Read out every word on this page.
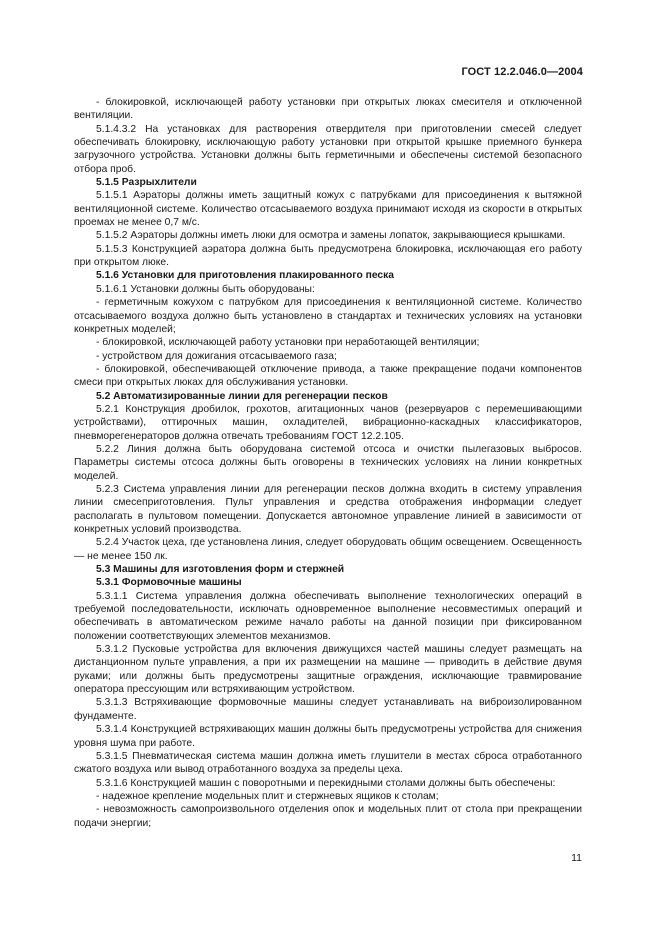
ГОСТ 12.2.046.0—2004

- блокировкой, исключающей работу установки при открытых люках смесителя и отключенной вентиляции.

5.1.4.3.2 На установках для растворения отвердителя при приготовлении смесей следует обеспечивать блокировку, исключающую работу установки при открытой крышке приемного бункера загрузочного устройства. Установки должны быть герметичными и обеспечены системой безопасного отбора проб.

5.1.5 Разрыхлители

5.1.5.1 Аэраторы должны иметь защитный кожух с патрубками для присоединения к вытяжной вентиляционной системе. Количество отсасываемого воздуха принимают исходя из скорости в открытых проемах не менее 0,7 м/с.

5.1.5.2 Аэраторы должны иметь люки для осмотра и замены лопаток, закрывающиеся крышками.

5.1.5.3 Конструкцией аэратора должна быть предусмотрена блокировка, исключающая его работу при открытом люке.

5.1.6 Установки для приготовления плакированного песка

5.1.6.1 Установки должны быть оборудованы:

- герметичным кожухом с патрубком для присоединения к вентиляционной системе. Количество отсасываемого воздуха должно быть установлено в стандартах и технических условиях на установки конкретных моделей;

- блокировкой, исключающей работу установки при неработающей вентиляции;

- устройством для дожигания отсасываемого газа;

- блокировкой, обеспечивающей отключение привода, а также прекращение подачи компонентов смеси при открытых люках для обслуживания установки.

5.2 Автоматизированные линии для регенерации песков

5.2.1 Конструкция дробилок, грохотов, агитационных чанов (резервуаров с перемешивающими устройствами), оттирочных машин, охладителей, вибрационно-каскадных классификаторов, пневморегенераторов должна отвечать требованиям ГОСТ 12.2.105.

5.2.2 Линия должна быть оборудована системой отсоса и очистки пылегазовых выбросов. Параметры системы отсоса должны быть оговорены в технических условиях на линии конкретных моделей.

5.2.3 Система управления линии для регенерации песков должна входить в систему управления линии смесеприготовления. Пульт управления и средства отображения информации следует располагать в пультовом помещении. Допускается автономное управление линией в зависимости от конкретных условий производства.

5.2.4 Участок цеха, где установлена линия, следует оборудовать общим освещением. Освещенность — не менее 150 лк.

5.3 Машины для изготовления форм и стержней

5.3.1 Формовочные машины

5.3.1.1 Система управления должна обеспечивать выполнение технологических операций в требуемой последовательности, исключать одновременное выполнение несовместимых операций и обеспечивать в автоматическом режиме начало работы на данной позиции при фиксированном положении соответствующих элементов механизмов.

5.3.1.2 Пусковые устройства для включения движущихся частей машины следует размещать на дистанционном пульте управления, а при их размещении на машине — приводить в действие двумя руками; или должны быть предусмотрены защитные ограждения, исключающие травмирование оператора прессующим или встряхивающим устройством.

5.3.1.3 Встряхивающие формовочные машины следует устанавливать на виброизолированном фундаменте.

5.3.1.4 Конструкцией встряхивающих машин должны быть предусмотрены устройства для снижения уровня шума при работе.

5.3.1.5 Пневматическая система машин должна иметь глушители в местах сброса отработанного сжатого воздуха или вывод отработанного воздуха за пределы цеха.

5.3.1.6 Конструкцией машин с поворотными и перекидными столами должны быть обеспечены:

- надежное крепление модельных плит и стержневых ящиков к столам;

- невозможность самопроизвольного отделения опок и модельных плит от стола при прекращении подачи энергии;

11
